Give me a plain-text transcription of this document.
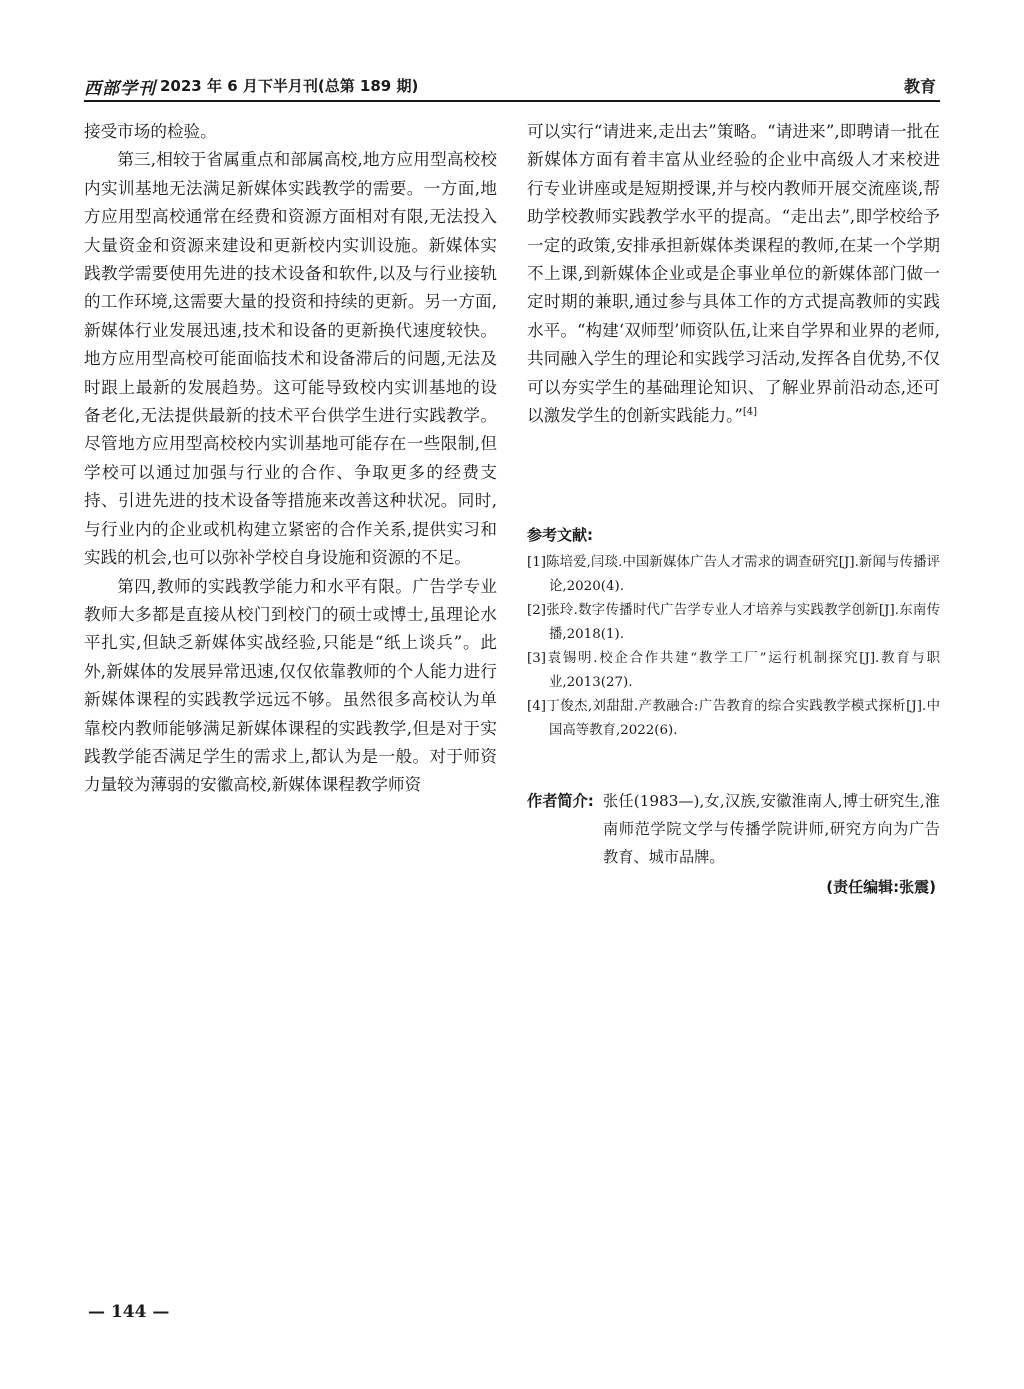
西部学刊 2023 年 6 月下半月刊(总第 189 期)	教育

接受市场的检验。

第三,相较于省属重点和部属高校,地方应用型高校校内实训基地无法满足新媒体实践教学的需要。一方面,地方应用型高校通常在经费和资源方面相对有限,无法投入大量资金和资源来建设和更新校内实训设施。新媒体实践教学需要使用先进的技术设备和软件,以及与行业接轨的工作环境,这需要大量的投资和持续的更新。另一方面,新媒体行业发展迅速,技术和设备的更新换代速度较快。地方应用型高校可能面临技术和设备滞后的问题,无法及时跟上最新的发展趋势。这可能导致校内实训基地的设备老化,无法提供最新的技术平台供学生进行实践教学。尽管地方应用型高校校内实训基地可能存在一些限制,但学校可以通过加强与行业的合作、争取更多的经费支持、引进先进的技术设备等措施来改善这种状况。同时,与行业内的企业或机构建立紧密的合作关系,提供实习和实践的机会,也可以弥补学校自身设施和资源的不足。

第四,教师的实践教学能力和水平有限。广告学专业教师大多都是直接从校门到校门的硕士或博士,虽理论水平扎实,但缺乏新媒体实战经验,只能是“纸上谈兵”。此外,新媒体的发展异常迅速,仅仅依靠教师的个人能力进行新媒体课程的实践教学远远不够。虽然很多高校认为单靠校内教师能够满足新媒体课程的实践教学,但是对于实践教学能否满足学生的需求上,都认为是一般。对于师资力量较为薄弱的安徽高校,新媒体课程教学师资

可以实行“请进来,走出去”策略。“请进来”,即聘请一批在新媒体方面有着丰富从业经验的企业中高级人才来校进行专业讲座或是短期授课,并与校内教师开展交流座谈,帮助学校教师实践教学水平的提高。“走出去”,即学校给予一定的政策,安排承担新媒体类课程的教师,在某一个学期不上课,到新媒体企业或是企事业单位的新媒体部门做一定时期的兼职,通过参与具体工作的方式提高教师的实践水平。“构建‘双师型’师资队伍,让来自学界和业界的老师,共同融入学生的理论和实践学习活动,发挥各自优势,不仅可以夯实学生的基础理论知识、了解业界前沿动态,还可以激发学生的创新实践能力。”[4]

参考文献:

[1]陈培爱,闫琰.中国新媒体广告人才需求的调查研究[J].新闻与传播评论,2020(4).

[2]张玲.数字传播时代广告学专业人才培养与实践教学创新[J].东南传播,2018(1).

[3]袁锡明.校企合作共建“教学工厂”运行机制探究[J].教育与职业,2013(27).

[4]丁俊杰,刘甜甜.产教融合:广告教育的综合实践教学模式探析[J].中国高等教育,2022(6).

作者简介: 张任(1983—),女,汉族,安徽淮南人,博士研究生,淮南师范学院文学与传播学院讲师,研究方向为广告教育、城市品牌。
(责任编辑:张震)
— 144 —
